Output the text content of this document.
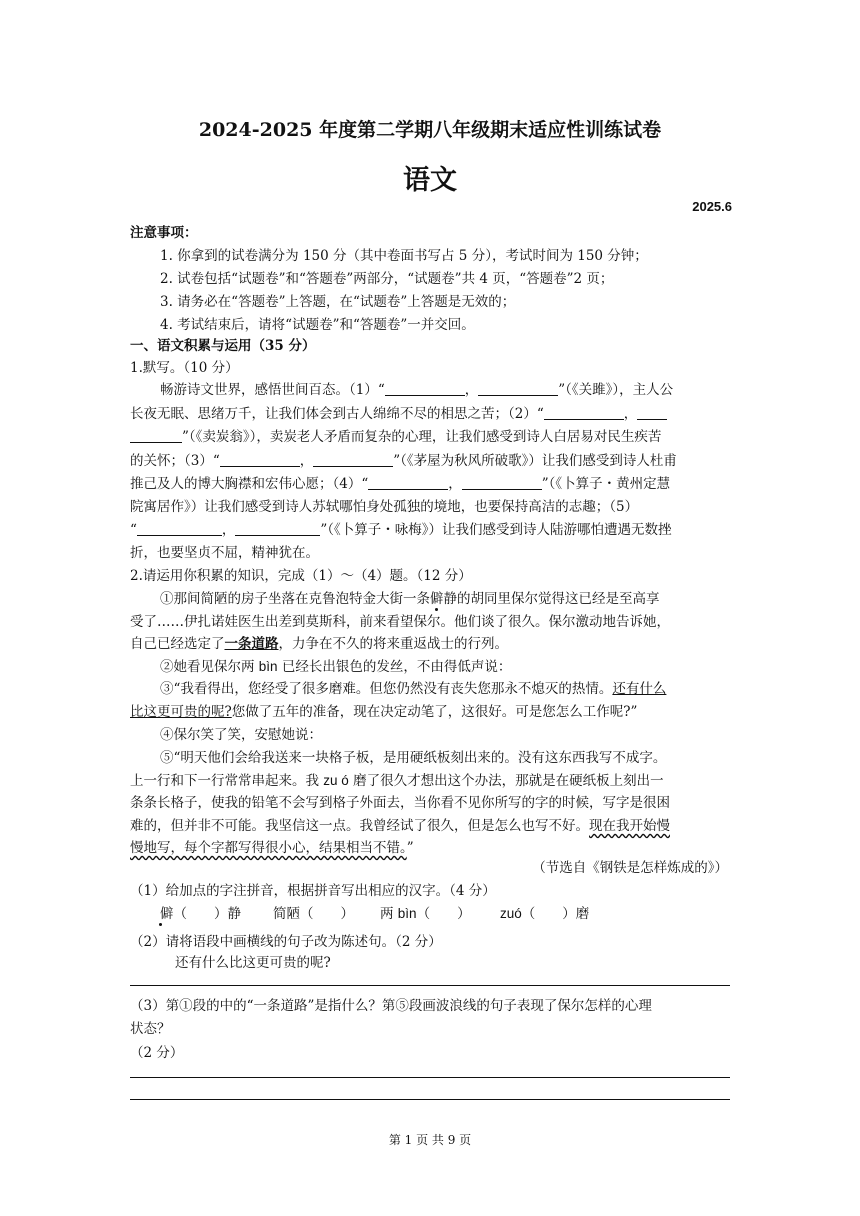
2024-2025 年度第二学期八年级期末适应性训练试卷
语文
2025.6
注意事项：
1. 你拿到的试卷满分为 150 分（其中卷面书写占 5 分），考试时间为 150 分钟；
2. 试卷包括“试题卷”和“答题卷”两部分，“试题卷”共 4 页，“答题卷”2 页；
3. 请务必在“答题卷”上答题，在“试题卷”上答题是无效的；
4. 考试结束后，请将“试题卷”和“答题卷”一并交回。
一、语文积累与运用（35 分）
1.默写。（10 分）
畅游诗文世界，感悟世间百态。（1）“	，	”（《关雎》），主人公
长夜无眠、思绪万千，让我们体会到古人绵绵不尽的相思之苦；（2）“	，
”（《卖炭翁》），卖炭老人矛盾而复杂的心理，让我们感受到诗人白居易对民生疾苦
的关怀；（3）“	，	”（《茅屋为秋风所破歌》）让我们感受到诗人杜甫
推己及人的博大胸襟和宏伟心愿；（4）“	，	”（《卜算子・黄州定慧
院寓居作》）让我们感受到诗人苏轼哪怕身处孤独的境地，也要保持高洁的志趣；（5）
“	，	”（《卜算子・咏梅》）让我们感受到诗人陆游哪怕遭遇无数挫
折，也要坚贞不屈，精神犹在。
2.请运用你积累的知识，完成（1）～（4）题。（12 分）
①那间简陋的房子坐落在克鲁泡特金大街一条僻静的胡同里保尔觉得这已经是至高享
受了……伊扎诺娃医生出差到莫斯科，前来看望保尔。他们谈了很久。保尔激动地告诉她，
自己已经选定了一条道路，力争在不久的将来重返战士的行列。
②她看见保尔两 bìn 已经长出银色的发丝，不由得低声说：
③“我看得出，您经受了很多磨难。但您仍然没有丧失您那永不熄灭的热情。还有什么
比这更可贵的呢?您做了五年的准备，现在决定动笔了，这很好。可是您怎么工作呢?”
④保尔笑了笑，安慰她说：
⑤“明天他们会给我送来一块格子板，是用硬纸板刻出来的。没有这东西我写不成字。
上一行和下一行常常串起来。我 zu ó 磨了很久才想出这个办法，那就是在硬纸板上刻出一
条条长格子，使我的铅笔不会写到格子外面去，当你看不见你所写的字的时候，写字是很困
难的，但并非不可能。我坚信这一点。我曾经试了很久，但是怎么也写不好。现在我开始慢
慢地写，每个字都写得很小心，结果相当不错。”
（节选自《钢铁是怎样炼成的》）
（1）给加点的字注拼音，根据拼音写出相应的汉字。（4 分）
僻（　　）静 简陋（　　） 两 bìn（　　） zuó（　　）磨
（2）请将语段中画横线的句子改为陈述句。（2 分）
还有什么比这更可贵的呢?
（3）第①段的中的“一条道路”是指什么？第⑤段画波浪线的句子表现了保尔怎样的心理
状态？
（2 分）
第 1 页 共 9 页
